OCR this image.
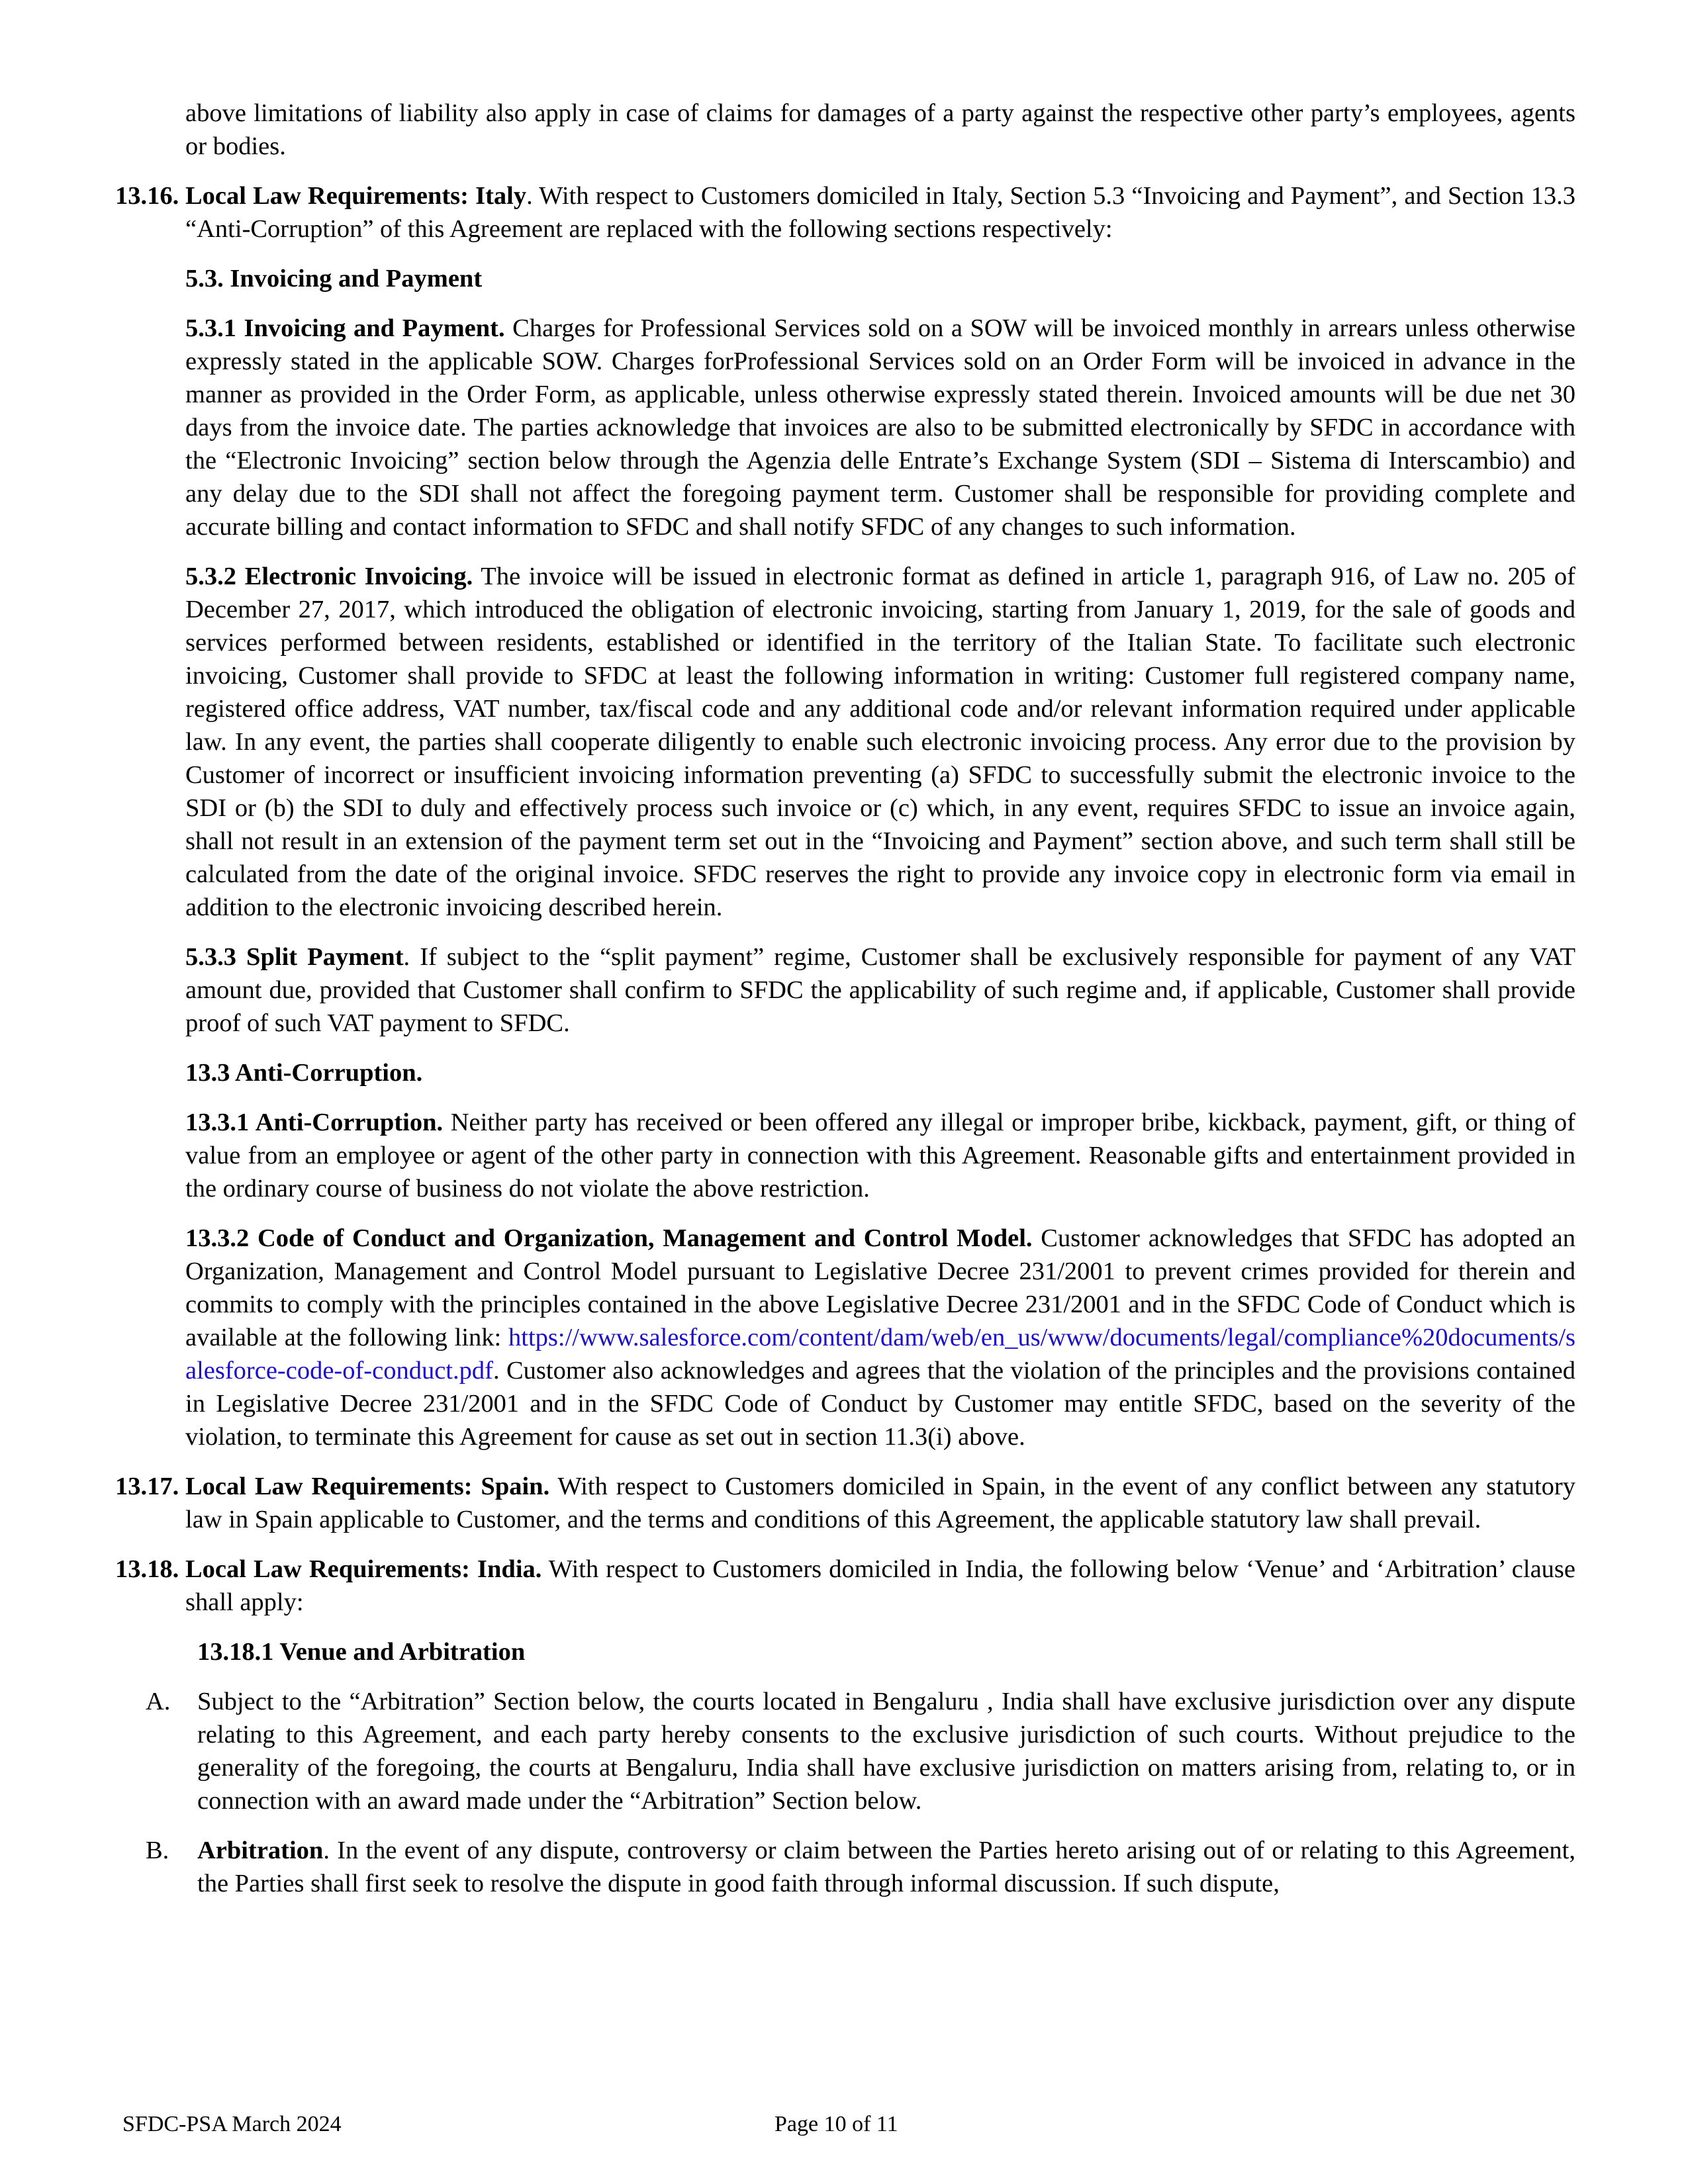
above limitations of liability also apply in case of claims for damages of a party against the respective other party’s employees, agents or bodies.

13.16. Local Law Requirements: Italy. With respect to Customers domiciled in Italy, Section 5.3 “Invoicing and Payment”, and Section 13.3 “Anti-Corruption” of this Agreement are replaced with the following sections respectively:

5.3. Invoicing and Payment

5.3.1 Invoicing and Payment. Charges for Professional Services sold on a SOW will be invoiced monthly in arrears unless otherwise expressly stated in the applicable SOW. Charges forProfessional Services sold on an Order Form will be invoiced in advance in the manner as provided in the Order Form, as applicable, unless otherwise expressly stated therein. Invoiced amounts will be due net 30 days from the invoice date. The parties acknowledge that invoices are also to be submitted electronically by SFDC in accordance with the “Electronic Invoicing” section below through the Agenzia delle Entrate’s Exchange System (SDI – Sistema di Interscambio) and any delay due to the SDI shall not affect the foregoing payment term. Customer shall be responsible for providing complete and accurate billing and contact information to SFDC and shall notify SFDC of any changes to such information.

5.3.2 Electronic Invoicing. The invoice will be issued in electronic format as defined in article 1, paragraph 916, of Law no. 205 of December 27, 2017, which introduced the obligation of electronic invoicing, starting from January 1, 2019, for the sale of goods and services performed between residents, established or identified in the territory of the Italian State. To facilitate such electronic invoicing, Customer shall provide to SFDC at least the following information in writing: Customer full registered company name, registered office address, VAT number, tax/fiscal code and any additional code and/or relevant information required under applicable law. In any event, the parties shall cooperate diligently to enable such electronic invoicing process. Any error due to the provision by Customer of incorrect or insufficient invoicing information preventing (a) SFDC to successfully submit the electronic invoice to the SDI or (b) the SDI to duly and effectively process such invoice or (c) which, in any event, requires SFDC to issue an invoice again, shall not result in an extension of the payment term set out in the “Invoicing and Payment” section above, and such term shall still be calculated from the date of the original invoice. SFDC reserves the right to provide any invoice copy in electronic form via email in addition to the electronic invoicing described herein.

5.3.3 Split Payment. If subject to the “split payment” regime, Customer shall be exclusively responsible for payment of any VAT amount due, provided that Customer shall confirm to SFDC the applicability of such regime and, if applicable, Customer shall provide proof of such VAT payment to SFDC.

13.3 Anti-Corruption.

13.3.1 Anti-Corruption. Neither party has received or been offered any illegal or improper bribe, kickback, payment, gift, or thing of value from an employee or agent of the other party in connection with this Agreement. Reasonable gifts and entertainment provided in the ordinary course of business do not violate the above restriction.

13.3.2 Code of Conduct and Organization, Management and Control Model. Customer acknowledges that SFDC has adopted an Organization, Management and Control Model pursuant to Legislative Decree 231/2001 to prevent crimes provided for therein and commits to comply with the principles contained in the above Legislative Decree 231/2001 and in the SFDC Code of Conduct which is available at the following link: https://www.salesforce.com/content/dam/web/en_us/www/documents/legal/compliance%20documents/salesforce-code-of-conduct.pdf. Customer also acknowledges and agrees that the violation of the principles and the provisions contained in Legislative Decree 231/2001 and in the SFDC Code of Conduct by Customer may entitle SFDC, based on the severity of the violation, to terminate this Agreement for cause as set out in section 11.3(i) above.

13.17. Local Law Requirements: Spain. With respect to Customers domiciled in Spain, in the event of any conflict between any statutory law in Spain applicable to Customer, and the terms and conditions of this Agreement, the applicable statutory law shall prevail.

13.18. Local Law Requirements: India. With respect to Customers domiciled in India, the following below ‘Venue’ and ‘Arbitration’ clause shall apply:

13.18.1 Venue and Arbitration

A. Subject to the “Arbitration” Section below, the courts located in Bengaluru , India shall have exclusive jurisdiction over any dispute relating to this Agreement, and each party hereby consents to the exclusive jurisdiction of such courts. Without prejudice to the generality of the foregoing, the courts at Bengaluru, India shall have exclusive jurisdiction on matters arising from, relating to, or in connection with an award made under the “Arbitration” Section below.

B. Arbitration. In the event of any dispute, controversy or claim between the Parties hereto arising out of or relating to this Agreement, the Parties shall first seek to resolve the dispute in good faith through informal discussion. If such dispute,

SFDC-PSA March 2024	Page 10 of 11
